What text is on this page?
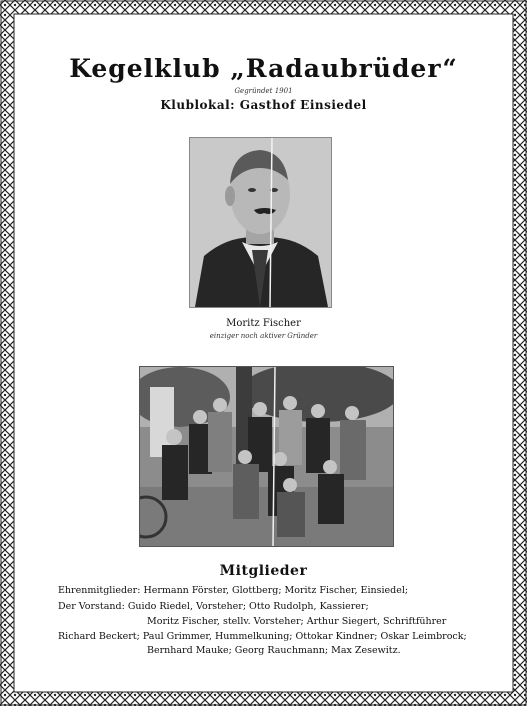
Kegelklub „Radaubrüder“
Gegründet 1901
Klublokal: Gasthof Einsiedel
Moritz Fischer
einziger noch aktiver Gründer
Mitglieder
Ehrenmitglieder: Hermann Förster, Glottberg; Moritz Fischer, Einsiedel;
Der Vorstand: Guido Riedel, Vorsteher; Otto Rudolph, Kassierer;
Moritz Fischer, stellv. Vorsteher; Arthur Siegert, Schriftführer
Richard Beckert; Paul Grimmer, Hummelkuning; Ottokar Kindner; Oskar Leimbrock;
Bernhard Mauke; Georg Rauchmann; Max Zesewitz.
